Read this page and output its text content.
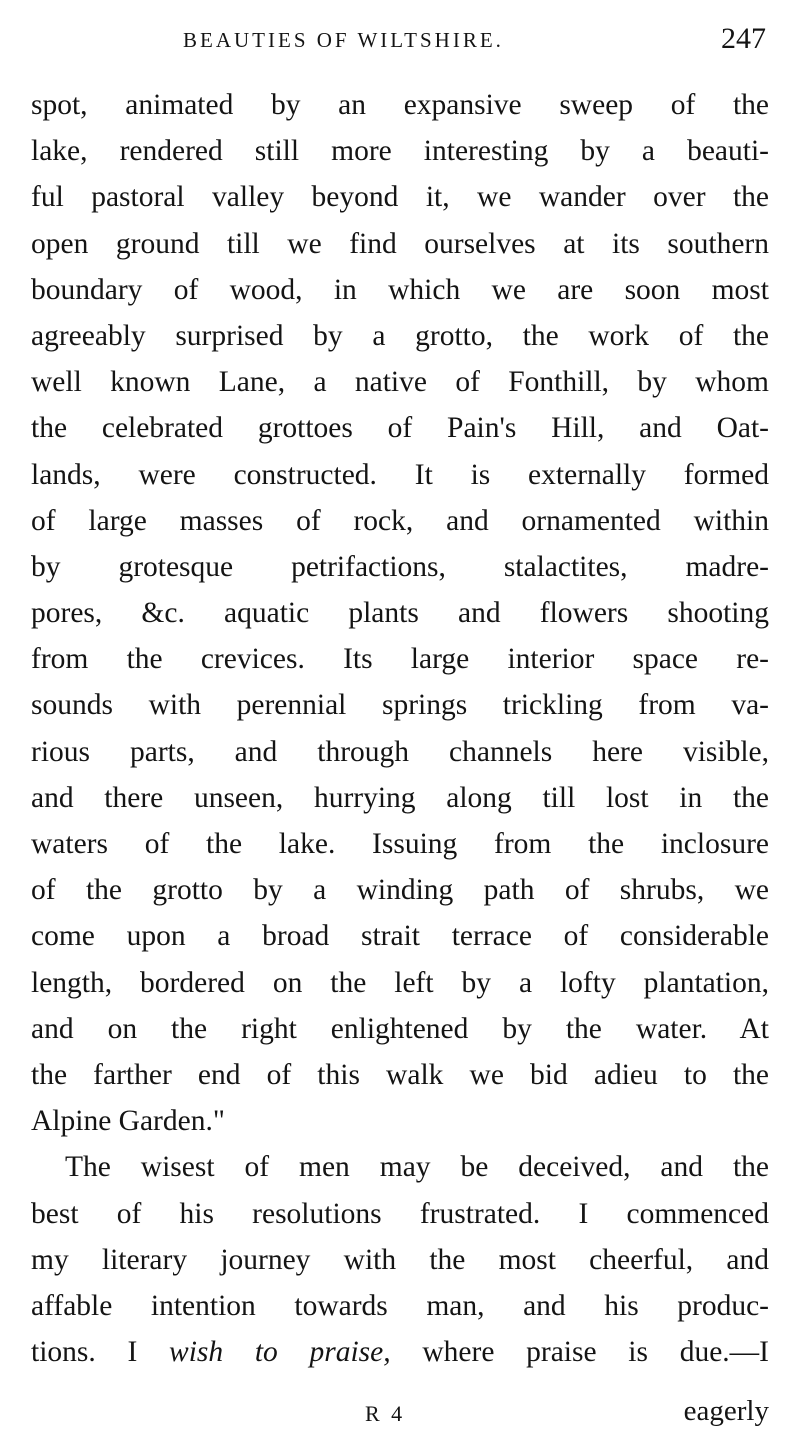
BEAUTIES OF WILTSHIRE.	247
spot, animated by an expansive sweep of the
lake, rendered still more interesting by a beauti-
ful pastoral valley beyond it, we wander over the
open ground till we find ourselves at its southern
boundary of wood, in which we are soon most
agreeably surprised by a grotto, the work of the
well known Lane, a native of Fonthill, by whom
the celebrated grottoes of Pain's Hill, and Oat-
lands, were constructed. It is externally formed
of large masses of rock, and ornamented within
by grotesque petrifactions, stalactites, madre-
pores, &c. aquatic plants and flowers shooting
from the crevices. Its large interior space re-
sounds with perennial springs trickling from va-
rious parts, and through channels here visible,
and there unseen, hurrying along till lost in the
waters of the lake. Issuing from the inclosure
of the grotto by a winding path of shrubs, we
come upon a broad strait terrace of considerable
length, bordered on the left by a lofty plantation,
and on the right enlightened by the water. At
the farther end of this walk we bid adieu to the
Alpine Garden."
The wisest of men may be deceived, and the
best of his resolutions frustrated. I commenced
my literary journey with the most cheerful, and
affable intention towards man, and his produc-
tions. I wish to praise, where praise is due.—I
R 4	eagerly
